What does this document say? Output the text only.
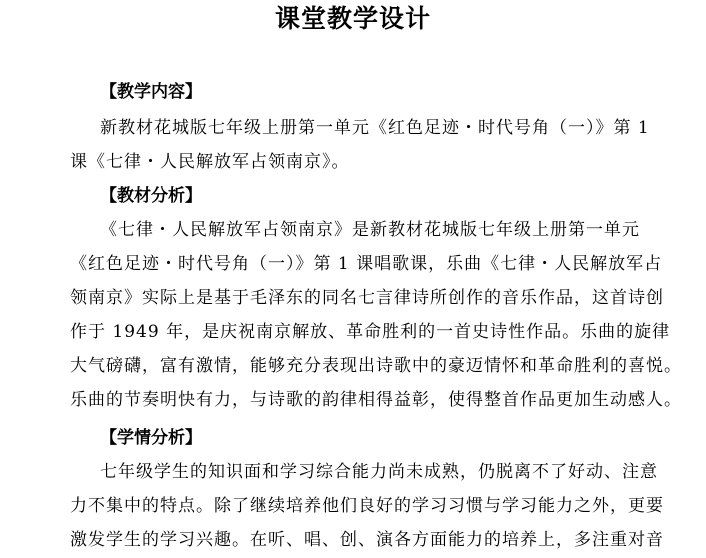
课堂教学设计
【教学内容】
新教材花城版七年级上册第一单元《红色足迹・时代号角（一）》第 1
课《七律・人民解放军占领南京》。
【教材分析】
《七律・人民解放军占领南京》是新教材花城版七年级上册第一单元
《红色足迹・时代号角（一）》第 1 课唱歌课，乐曲《七律・人民解放军占
领南京》实际上是基于毛泽东的同名七言律诗所创作的音乐作品，这首诗创
作于 1949 年，是庆祝南京解放、革命胜利的一首史诗性作品。乐曲的旋律
大气磅礴，富有激情，能够充分表现出诗歌中的豪迈情怀和革命胜利的喜悦。
乐曲的节奏明快有力，与诗歌的韵律相得益彰，使得整首作品更加生动感人。
【学情分析】
七年级学生的知识面和学习综合能力尚未成熟，仍脱离不了好动、注意
力不集中的特点。除了继续培养他们良好的学习习惯与学习能力之外，更要
激发学生的学习兴趣。在听、唱、创、演各方面能力的培养上，多注重对音
